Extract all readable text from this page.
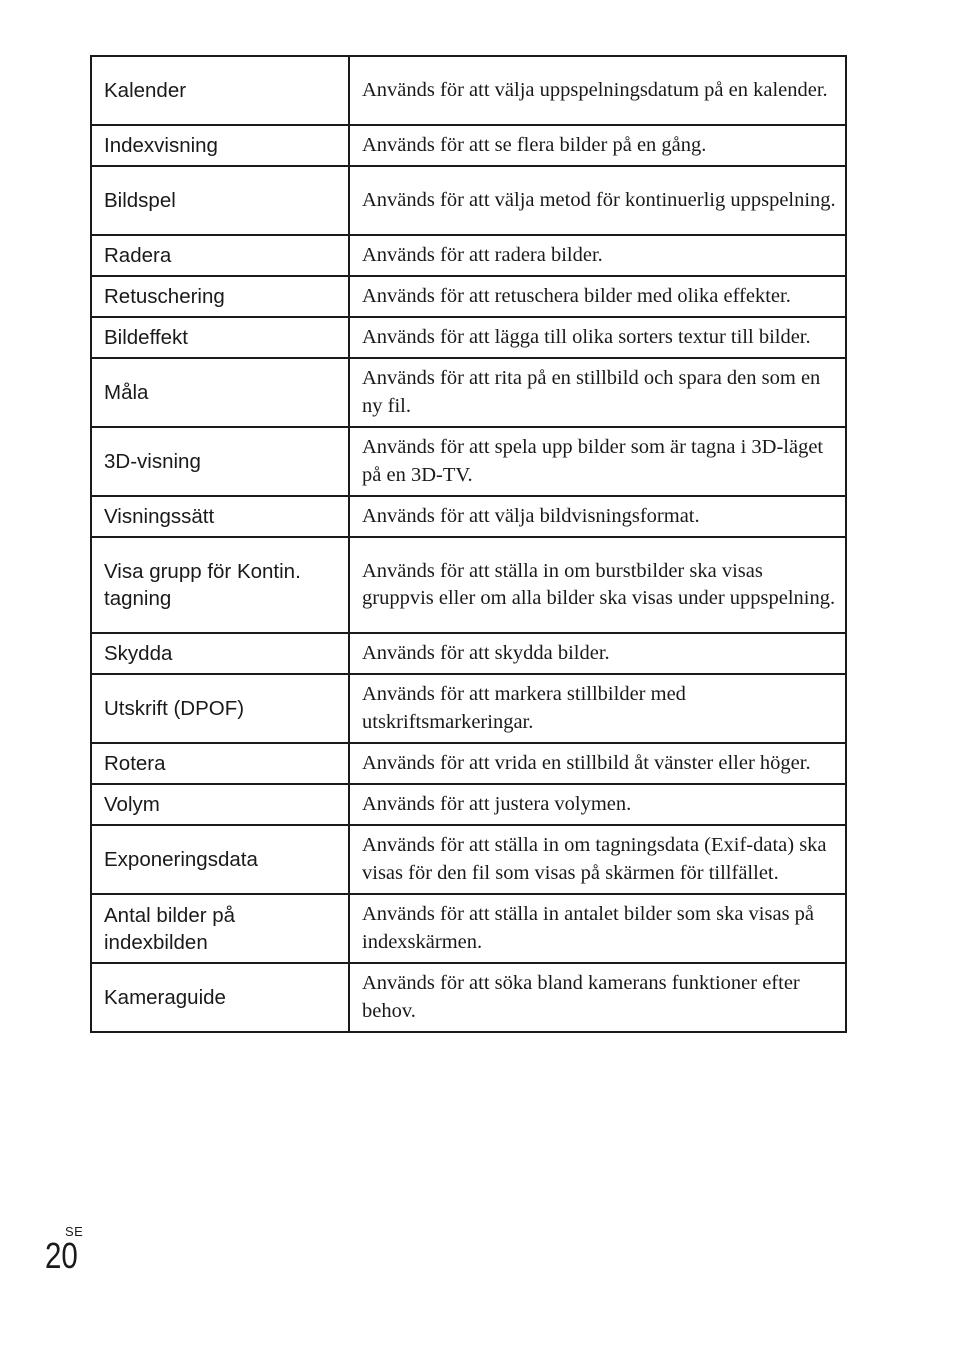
Kalender	Används för att välja uppspelningsdatum på en kalender.
Indexvisning	Används för att se flera bilder på en gång.
Bildspel	Används för att välja metod för kontinuerlig uppspelning.
Radera	Används för att radera bilder.
Retuschering	Används för att retuschera bilder med olika effekter.
Bildeffekt	Används för att lägga till olika sorters textur till bilder.
Måla	Används för att rita på en stillbild och spara den som en ny fil.
3D-visning	Används för att spela upp bilder som är tagna i 3D-läget på en 3D-TV.
Visningssätt	Används för att välja bildvisningsformat.
Visa grupp för Kontin. tagning	Används för att ställa in om burstbilder ska visas gruppvis eller om alla bilder ska visas under uppspelning.
Skydda	Används för att skydda bilder.
Utskrift (DPOF)	Används för att markera stillbilder med utskriftsmarkeringar.
Rotera	Används för att vrida en stillbild åt vänster eller höger.
Volym	Används för att justera volymen.
Exponeringsdata	Används för att ställa in om tagningsdata (Exif-data) ska visas för den fil som visas på skärmen för tillfället.
Antal bilder på indexbilden	Används för att ställa in antalet bilder som ska visas på indexskärmen.
Kameraguide	Används för att söka bland kamerans funktioner efter behov.
SE
20
